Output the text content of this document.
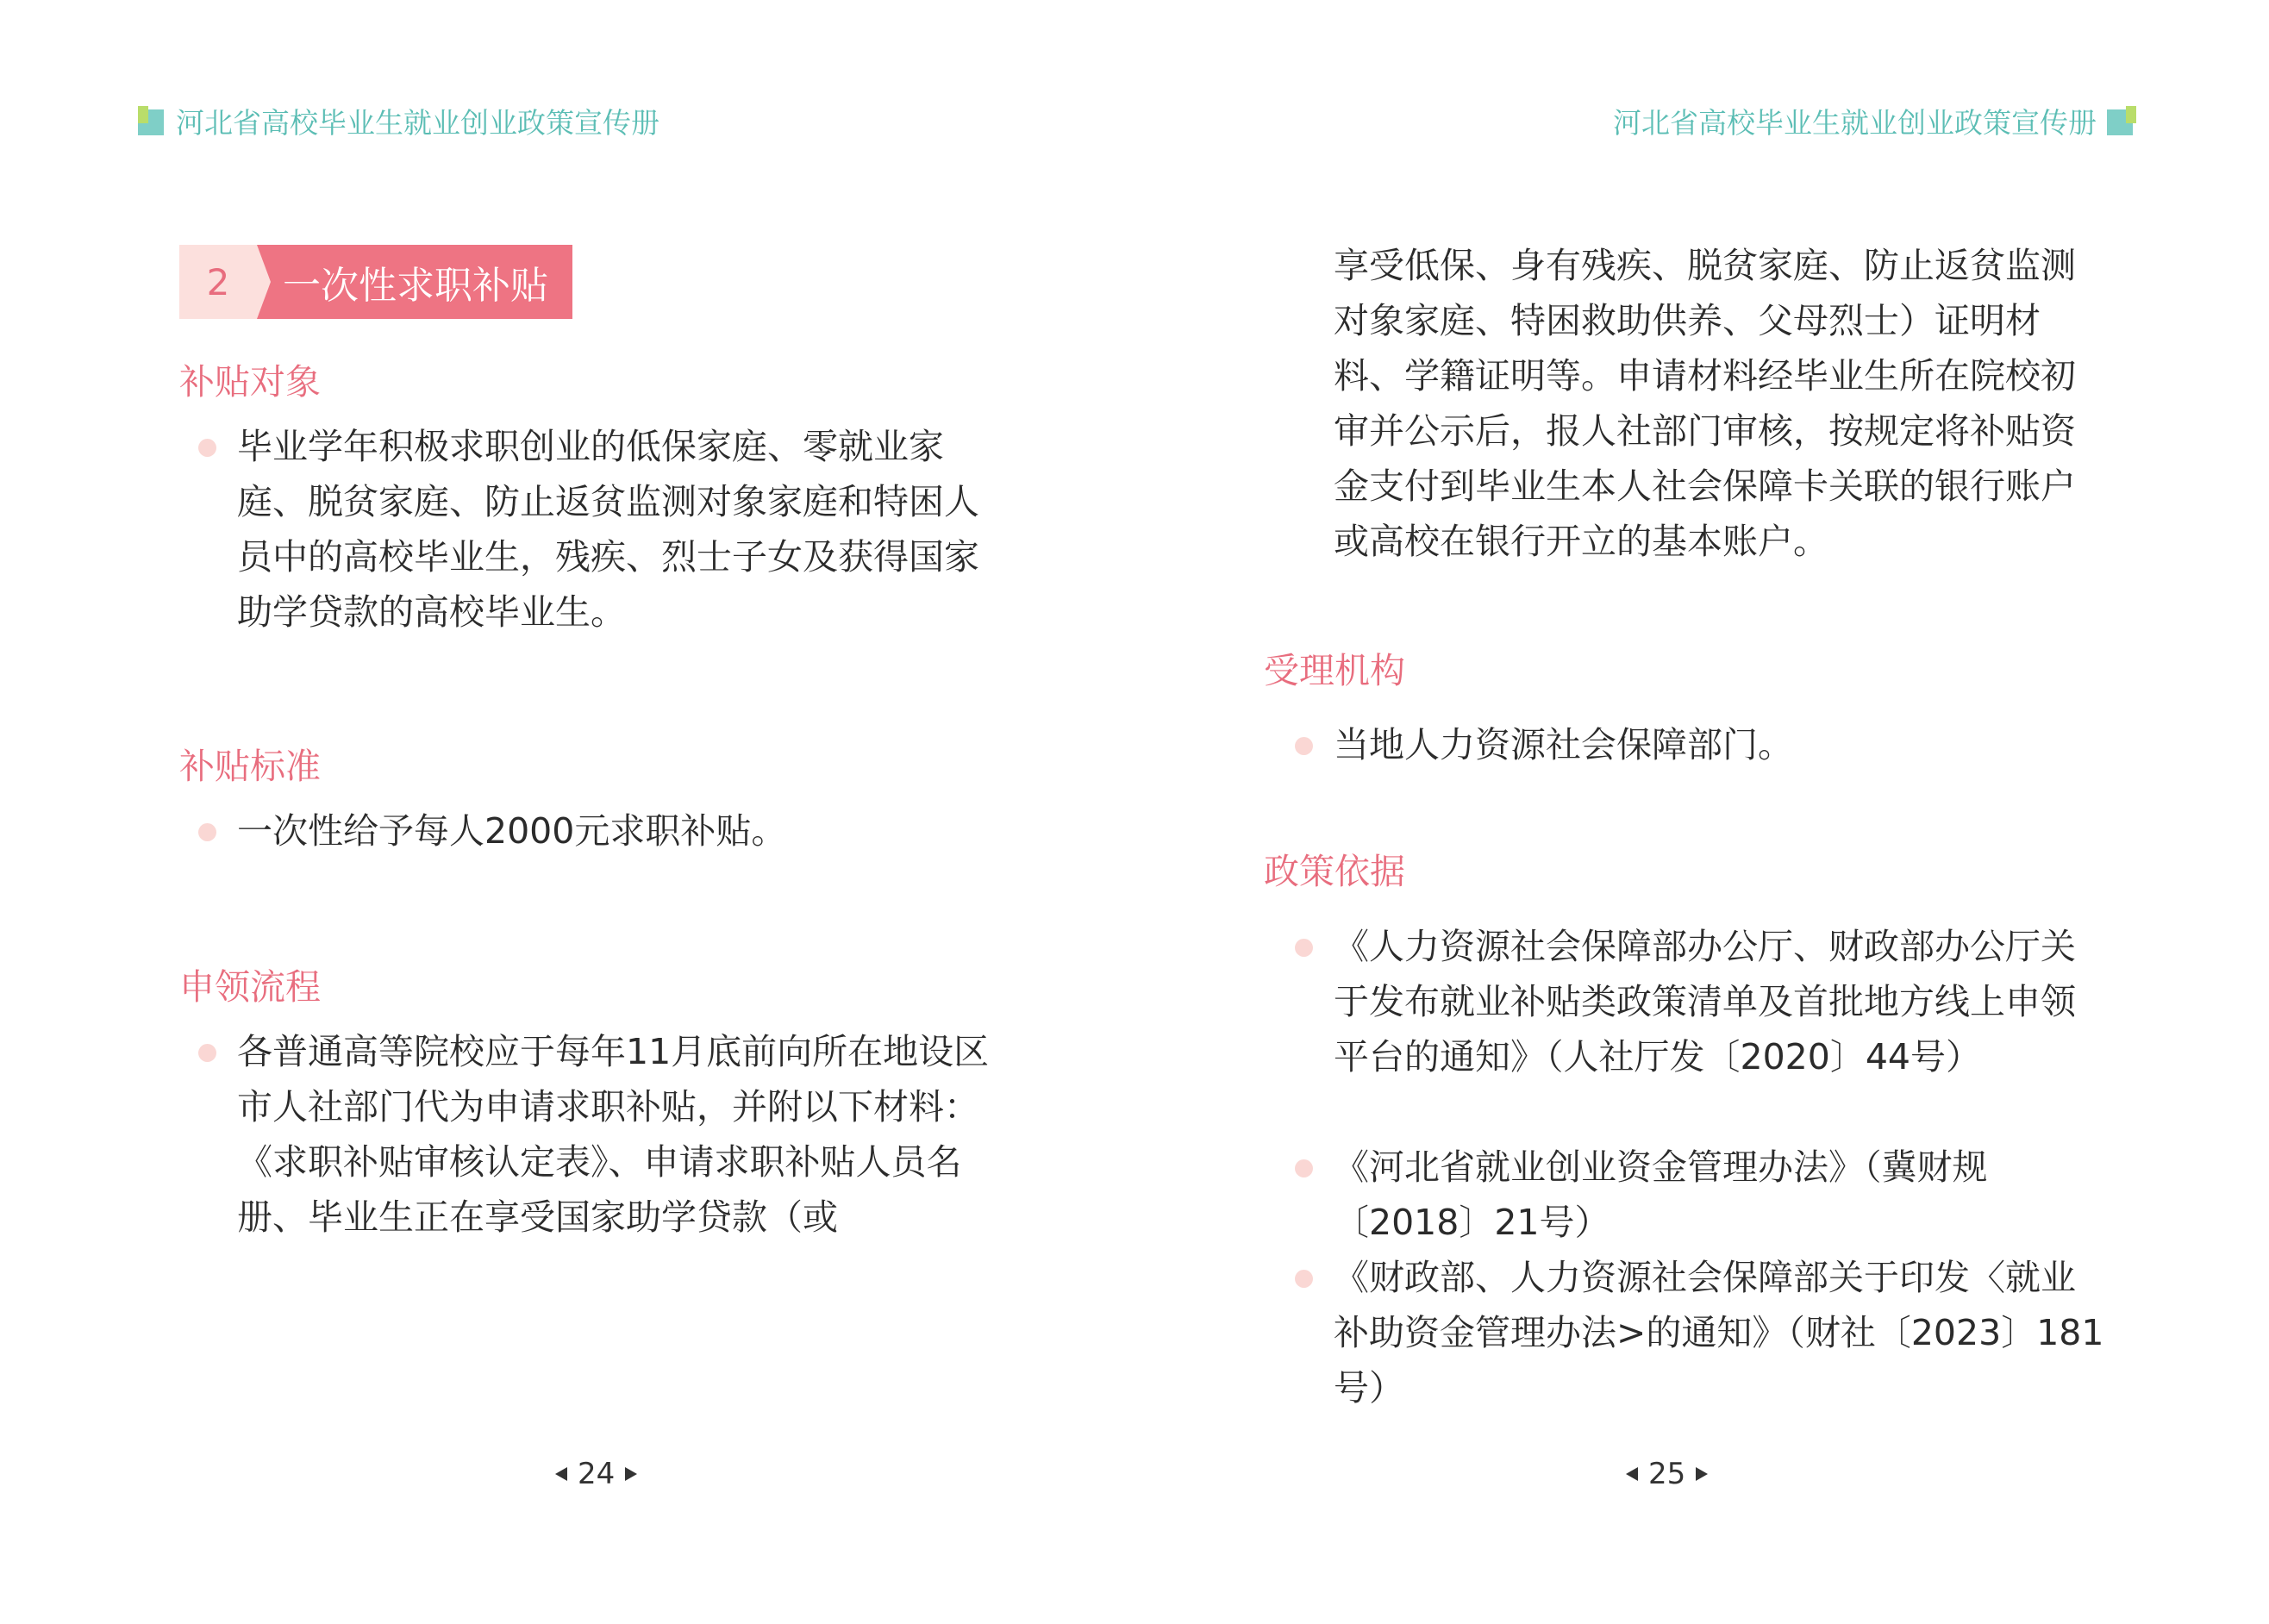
河北省高校毕业生就业创业政策宣传册
2	一次性求职补贴
补贴对象
毕业学年积极求职创业的低保家庭、零就业家庭、脱贫家庭、防止返贫监测对象家庭和特困人员中的高校毕业生，残疾、烈士子女及获得国家助学贷款的高校毕业生。
补贴标准
一次性给予每人2000元求职补贴。
申领流程
各普通高等院校应于每年11月底前向所在地设区市人社部门代为申请求职补贴，并附以下材料：《求职补贴审核认定表》、申请求职补贴人员名册、毕业生正在享受国家助学贷款（或
24
河北省高校毕业生就业创业政策宣传册
享受低保、身有残疾、脱贫家庭、防止返贫监测对象家庭、特困救助供养、父母烈士）证明材料、学籍证明等。申请材料经毕业生所在院校初审并公示后，报人社部门审核，按规定将补贴资金支付到毕业生本人社会保障卡关联的银行账户或高校在银行开立的基本账户。
受理机构
当地人力资源社会保障部门。
政策依据
《人力资源社会保障部办公厅、财政部办公厅关于发布就业补贴类政策清单及首批地方线上申领平台的通知》（人社厅发〔2020〕44号）
《河北省就业创业资金管理办法》（冀财规〔2018〕21号）
《财政部、人力资源社会保障部关于印发〈就业补助资金管理办法>的通知》（财社〔2023〕181号）
25
